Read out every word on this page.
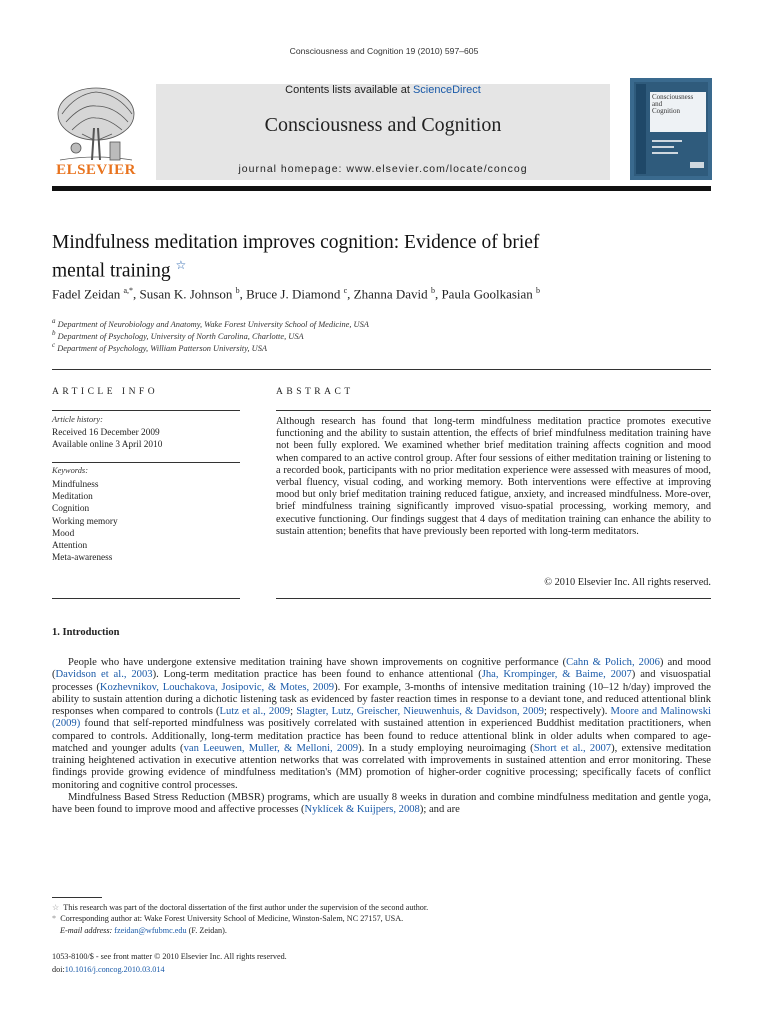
Consciousness and Cognition 19 (2010) 597–605
ELSEVIER
Contents lists available at ScienceDirect
Consciousness and Cognition
journal homepage: www.elsevier.com/locate/concog
Consciousness
and
Cognition
Mindfulness meditation improves cognition: Evidence of brief
mental training ☆
Fadel Zeidan $^{a,*}$, Susan K. Johnson $^b$, Bruce J. Diamond $^c$, Zhanna David $^b$, Paula Goolkasian $^b$
$^a$ Department of Neurobiology and Anatomy, Wake Forest University School of Medicine, USA
$^b$ Department of Psychology, University of North Carolina, Charlotte, USA
$^c$ Department of Psychology, William Patterson University, USA
ARTICLE INFO
Article history:
Received 16 December 2009
Available online 3 April 2010
Keywords:
Mindfulness
Meditation
Cognition
Working memory
Mood
Attention
Meta-awareness
ABSTRACT
Although research has found that long-term mindfulness meditation practice promotes executive functioning and the ability to sustain attention, the effects of brief mindfulness meditation training have not been fully explored. We examined whether brief meditation training affects cognition and mood when compared to an active control group. After four sessions of either meditation training or listening to a recorded book, participants with no prior meditation experience were assessed with measures of mood, verbal fluency, visual coding, and working memory. Both interventions were effective at improving mood but only brief meditation training reduced fatigue, anxiety, and increased mindfulness. More-over, brief mindfulness training significantly improved visuo-spatial processing, working memory, and executive functioning. Our findings suggest that 4 days of meditation training can enhance the ability to sustain attention; benefits that have previously been reported with long-term meditators.
© 2010 Elsevier Inc. All rights reserved.
1. Introduction

People who have undergone extensive meditation training have shown improvements on cognitive performance (Cahn & Polich, 2006) and mood (Davidson et al., 2003). Long-term meditation practice has been found to enhance attentional (Jha, Krompinger, & Baime, 2007) and visuospatial processes (Kozhevnikov, Louchakova, Josipovic, & Motes, 2009). For example, 3-months of intensive meditation training (10–12 h/day) improved the ability to sustain attention during a dichotic listening task as evidenced by faster reaction times in response to a deviant tone, and reduced attentional blink responses when compared to controls (Lutz et al., 2009; Slagter, Lutz, Greischer, Nieuwenhuis, & Davidson, 2009; respectively). Moore and Malinowski (2009) found that self-reported mindfulness was positively correlated with sustained attention in experienced Buddhist meditation practitioners, when compared to controls. Additionally, long-term meditation practice has been found to reduce attentional blink in older adults when compared to age-matched and younger adults (van Leeuwen, Muller, & Melloni, 2009). In a study employing neuroimaging (Short et al., 2007), extensive meditation training heightened activation in executive attention networks that was correlated with improvements in sustained attention and error monitoring. These findings provide growing evidence of mindfulness meditation's (MM) promotion of higher-order cognitive processing; specifically facets of conflict monitoring and cognitive control processes.

Mindfulness Based Stress Reduction (MBSR) programs, which are usually 8 weeks in duration and combine mindfulness meditation and gentle yoga, have been found to improve mood and affective processes (Nyklícek & Kuijpers, 2008); and are

☆ This research was part of the doctoral dissertation of the first author under the supervision of the second author.
* Corresponding author at: Wake Forest University School of Medicine, Winston-Salem, NC 27157, USA.
E-mail address: fzeidan@wfubmc.edu (F. Zeidan).
1053-8100/$ - see front matter © 2010 Elsevier Inc. All rights reserved.
doi:10.1016/j.concog.2010.03.014
